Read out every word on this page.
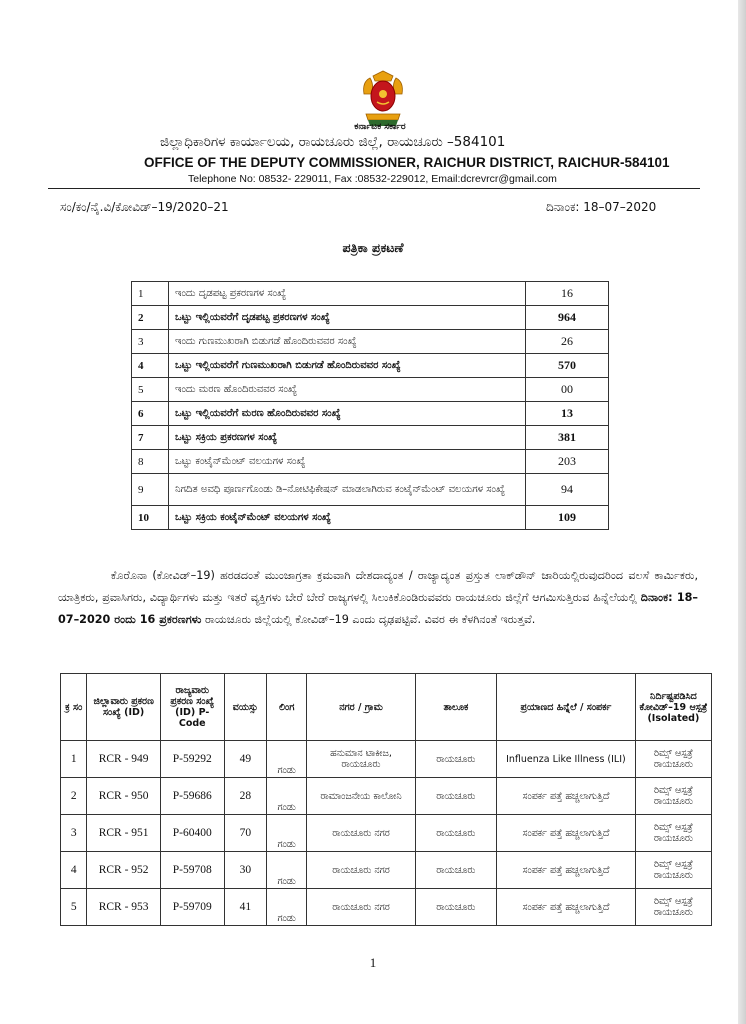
ಕರ್ನಾಟಕ ಸರ್ಕಾರ
ಜಿಲ್ಲಾಧಿಕಾರಿಗಳ ಕಾರ್ಯಾಲಯ, ರಾಯಚೂರು ಜಿಲ್ಲೆ, ರಾಯಚೂರು –584101
OFFICE OF THE DEPUTY COMMISSIONER, RAICHUR DISTRICT, RAICHUR-584101
Telephone No: 08532- 229011, Fax :08532-229012, Email:dcrevrcr@gmail.com
ಸಂ/ಕಂ/ನೈ.ವಿ/ಕೋವಿಡ್–19/2020–21	ದಿನಾಂಕ: 18–07–2020
ಪತ್ರಿಕಾ ಪ್ರಕಟಣೆ
1	ಇಂದು ದೃಡಪಟ್ಟ ಪ್ರಕರಣಗಳ ಸಂಖ್ಯೆ	16
2	ಒಟ್ಟು ಇಲ್ಲಿಯವರೆಗೆ ದೃಡಪಟ್ಟ ಪ್ರಕರಣಗಳ ಸಂಖ್ಯೆ	964
3	ಇಂದು ಗುಣಮುಖರಾಗಿ ಬಿಡುಗಡೆ ಹೊಂದಿರುವವರ ಸಂಖ್ಯೆ	26
4	ಒಟ್ಟು ಇಲ್ಲಿಯವರೆಗೆ ಗುಣಮುಖರಾಗಿ ಬಿಡುಗಡೆ ಹೊಂದಿರುವವರ ಸಂಖ್ಯೆ	570
5	ಇಂದು ಮರಣ ಹೊಂದಿರುವವರ ಸಂಖ್ಯೆ	00
6	ಒಟ್ಟು ಇಲ್ಲಿಯವರೆಗೆ ಮರಣ ಹೊಂದಿರುವವರ ಸಂಖ್ಯೆ	13
7	ಒಟ್ಟು ಸಕ್ರಿಯ ಪ್ರಕರಣಗಳ ಸಂಖ್ಯೆ	381
8	ಒಟ್ಟು ಕಂಟೈನ್‌ಮೆಂಟ್ ವಲಯಗಳ ಸಂಖ್ಯೆ	203
9	ನಿಗದಿತ ಅವಧಿ ಪೂರ್ಣಗೊಂಡು ಡಿ–ನೋಟಿಫಿಕೇಷನ್ ಮಾಡಲಾಗಿರುವ ಕಂಟೈನ್‌ಮೆಂಟ್ ವಲಯಗಳ ಸಂಖ್ಯೆ	94
10	ಒಟ್ಟು ಸಕ್ರಿಯ ಕಂಟೈನ್‌ಮೆಂಟ್ ವಲಯಗಳ ಸಂಖ್ಯೆ	109
ಕೊರೊನಾ (ಕೋವಿಡ್–19) ಹರಡದಂತೆ ಮುಂಜಾಗ್ರತಾ ಕ್ರಮವಾಗಿ ದೇಶದಾದ್ಯಂತ / ರಾಜ್ಯಾದ್ಯಂತ ಪ್ರಸ್ತುತ ಲಾಕ್‌ಡೌನ್ ಜಾರಿಯಲ್ಲಿರುವುದರಿಂದ ವಲಸೆ ಕಾರ್ಮಿಕರು, ಯಾತ್ರಿಕರು, ಪ್ರವಾಸಿಗರು, ವಿದ್ಯಾರ್ಥಿಗಳು ಮತ್ತು ಇತರೆ ವ್ಯಕ್ತಿಗಳು ಬೇರೆ ಬೇರೆ ರಾಜ್ಯಗಳಲ್ಲಿ ಸಿಲುಕಿಕೊಂಡಿರುವವರು ರಾಯಚೂರು ಜಿಲ್ಲೆಗೆ ಆಗಮಿಸುತ್ತಿರುವ ಹಿನ್ನೆಲೆಯಲ್ಲಿ ದಿನಾಂಕ: 18–07–2020 ರಂದು 16 ಪ್ರಕರಣಗಳು ರಾಯಚೂರು ಜಿಲ್ಲೆಯಲ್ಲಿ ಕೋವಿಡ್–19 ಎಂದು ದೃಢಪಟ್ಟಿವೆ. ವಿವರ ಈ ಕೆಳಗಿನಂತೆ ಇರುತ್ತವೆ.
ಕ್ರ ಸಂ	ಜಿಲ್ಲಾವಾರು ಪ್ರಕರಣ ಸಂಖ್ಯೆ (ID)	ರಾಜ್ಯವಾರು ಪ್ರಕರಣ ಸಂಖ್ಯೆ (ID) P- Code	ವಯಸ್ಸು	ಲಿಂಗ	ನಗರ / ಗ್ರಾಮ	ತಾಲೂಕ	ಪ್ರಯಾಣದ ಹಿನ್ನೆಲೆ / ಸಂಪರ್ಕ	ನಿರ್ದಿಷ್ಟಪಡಿಸಿದ ಕೋವಿಡ್–19 ಆಸ್ಪತ್ರೆ (Isolated)
1	RCR - 949	P-59292	49	ಗಂಡು	ಹನುಮಾನ ಟಾಕೀಜ, ರಾಯಚೂರು	ರಾಯಚೂರು	Influenza Like Illness (ILI)	ರಿಮ್ಸ್ ಆಸ್ಪತ್ರೆ ರಾಯಚೂರು
2	RCR - 950	P-59686	28	ಗಂಡು	ರಾಮಾಂಜನೇಯ ಕಾಲೋನಿ	ರಾಯಚೂರು	ಸಂಪರ್ಕ ಪತ್ತೆ ಹಚ್ಚಲಾಗುತ್ತಿದೆ	ರಿಮ್ಸ್ ಆಸ್ಪತ್ರೆ ರಾಯಚೂರು
3	RCR - 951	P-60400	70	ಗಂಡು	ರಾಯಚೂರು ನಗರ	ರಾಯಚೂರು	ಸಂಪರ್ಕ ಪತ್ತೆ ಹಚ್ಚಲಾಗುತ್ತಿದೆ	ರಿಮ್ಸ್ ಆಸ್ಪತ್ರೆ ರಾಯಚೂರು
4	RCR - 952	P-59708	30	ಗಂಡು	ರಾಯಚೂರು ನಗರ	ರಾಯಚೂರು	ಸಂಪರ್ಕ ಪತ್ತೆ ಹಚ್ಚಲಾಗುತ್ತಿದೆ	ರಿಮ್ಸ್ ಆಸ್ಪತ್ರೆ ರಾಯಚೂರು
5	RCR - 953	P-59709	41	ಗಂಡು	ರಾಯಚೂರು ನಗರ	ರಾಯಚೂರು	ಸಂಪರ್ಕ ಪತ್ತೆ ಹಚ್ಚಲಾಗುತ್ತಿದೆ	ರಿಮ್ಸ್ ಆಸ್ಪತ್ರೆ ರಾಯಚೂರು
1
